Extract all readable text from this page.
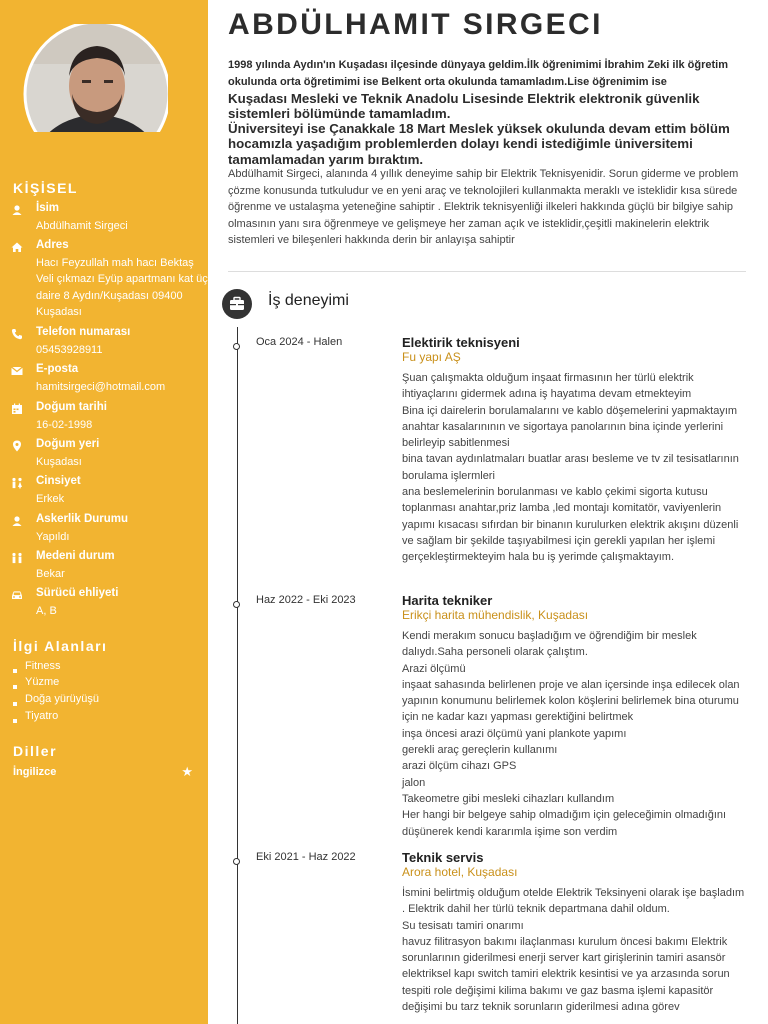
KİŞİSEL
İsim
Abdülhamit Sirgeci
Adres
Hacı Feyzullah mah hacı Bektaş Veli çıkmazı Eyüp apartmanı kat üç daire 8 Aydın/Kuşadası 09400 Kuşadası
Telefon numarası
05453928911
E-posta
hamitsirgeci@hotmail.com
Doğum tarihi
16-02-1998
Doğum yeri
Kuşadası
Cinsiyet
Erkek
Askerlik Durumu
Yapıldı
Medeni durum
Bekar
Sürücü ehliyeti
A, B
İlgi Alanları
Fitness
Yüzme
Doğa yürüyüşü
Tiyatro
Diller
İngilizce	★
ABDÜLHAMIT SIRGECI
1998 yılında Aydın'ın Kuşadası ilçesinde dünyaya geldim.İlk öğrenimimi İbrahim Zeki ilk öğretim okulunda orta öğretimimi ise Belkent orta okulunda tamamladım.Lise öğrenimim ise
Kuşadası Mesleki ve Teknik Anadolu Lisesinde Elektrik elektronik güvenlik sistemleri bölümünde tamamladım.
Üniversiteyi ise Çanakkale 18 Mart Meslek yüksek okulunda devam ettim bölüm hocamızla yaşadığım problemlerden dolayı kendi istediğimle üniversitemi tamamlamadan yarım bıraktım.
Abdülhamit Sirgeci, alanında 4 yıllık deneyime sahip bir Elektrik Teknisyenidir. Sorun giderme ve problem çözme konusunda tutkuludur ve en yeni araç ve teknolojileri kullanmakta meraklı ve isteklidir kısa sürede öğrenme ve ustalaşma yeteneğine sahiptir . Elektrik teknisyenliği ilkeleri hakkında güçlü bir bilgiye sahip olmasının yanı sıra öğrenmeye ve gelişmeye her zaman açık ve isteklidir,çeşitli makinelerin elektrik sistemleri ve bileşenleri hakkında derin bir anlayışa sahiptir
İş deneyimi
Oca 2024 - Halen	Elektirik teknisyeni
Fu yapı AŞ
Şuan çalışmakta olduğum inşaat firmasının her türlü elektrik ihtiyaçlarını gidermek adına iş hayatıma devam etmekteyim
Bina içi dairelerin borulamalarını ve kablo döşemelerini yapmaktayım
anahtar kasalarınının ve sigortaya panolarının bina içinde yerlerini belirleyip sabitlenmesi
bina tavan aydınlatmaları buatlar arası besleme ve tv zil tesisatlarının borulama işlermleri
ana beslemelerinin borulanması ve kablo çekimi sigorta kutusu toplanması anahtar,priz lamba ,led montajı komitatör, vaviyenlerin yapımı kısacası sıfırdan bir binanın kurulurken elektrik akışını düzenli ve sağlam bir şekilde taşıyabilmesi için gerekli yapılan her işlemi gerçekleştirmekteyim hala bu iş yerimde çalışmaktayım.
Haz 2022 - Eki 2023	Harita tekniker
Erikçi harita mühendislik, Kuşadası
Kendi merakım sonucu başladığım ve öğrendiğim bir meslek dalıydı.Saha personeli olarak çalıştım.
Arazi ölçümü
inşaat sahasında belirlenen proje ve alan içersinde inşa edilecek olan yapının konumunu belirlemek kolon köşlerini belirlemek bina oturumu için ne kadar kazı yapması gerektiğini belirtmek
inşa öncesi arazi ölçümü yani plankote yapımı
gerekli araç gereçlerin kullanımı
arazi ölçüm cihazı GPS
jalon
Takeometre gibi mesleki cihazları kullandım
Her hangi bir belgeye sahip olmadığım için geleceğimin olmadığını düşünerek kendi kararımla işime son verdim
Eki 2021 - Haz 2022	Teknik servis
Arora hotel, Kuşadası
İsmini belirtmiş olduğum otelde Elektrik Teksinyeni olarak işe başladım . Elektrik dahil her türlü teknik departmana dahil oldum.
Su tesisatı tamiri onarımı
havuz filitrasyon bakımı ilaçlanması kurulum öncesi bakımı Elektrik sorunlarının giderilmesi enerji server kart girişlerinin tamiri asansör elektriksel kapı switch tamiri elektrik kesintisi ve ya arzasında sorun tespiti role değişimi kilima bakımı ve gaz basma işlemi kapasitör değişimi bu tarz teknik sorunların giderilmesi adına görev
